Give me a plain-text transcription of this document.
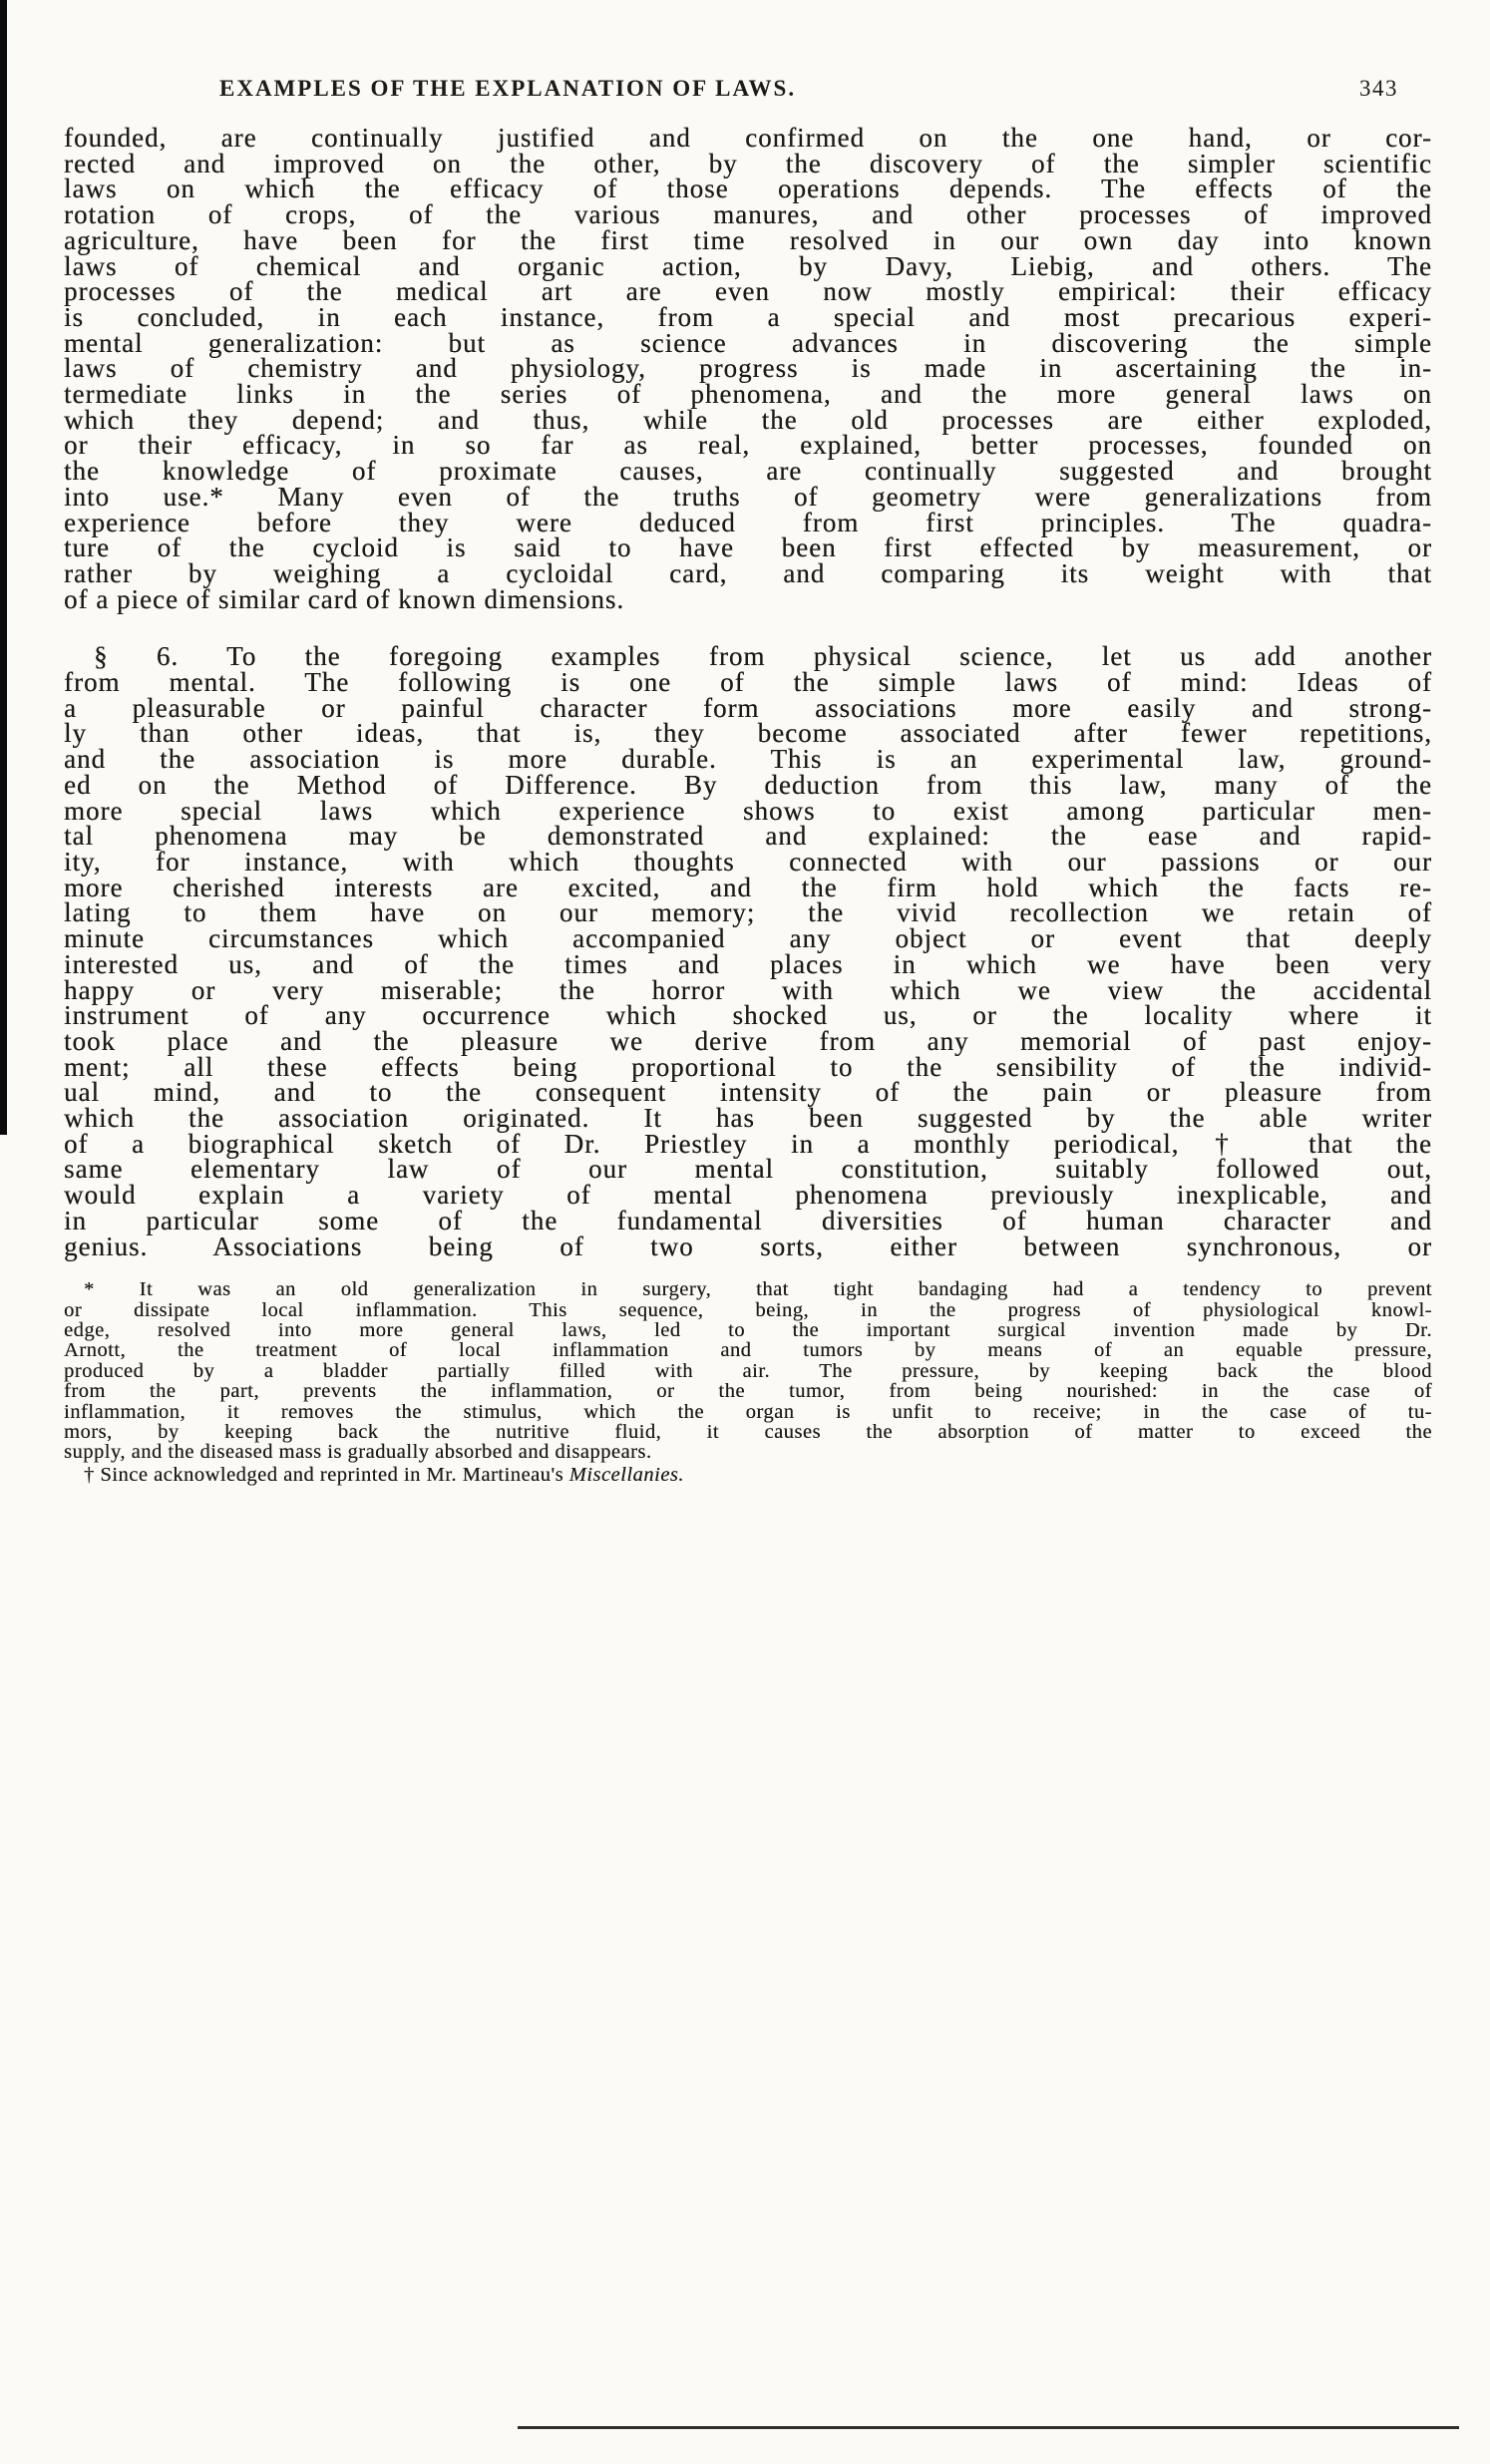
EXAMPLES OF THE EXPLANATION OF LAWS.	343
founded, are continually justified and confirmed on the one hand, or cor-
rected and improved on the other, by the discovery of the simpler scientific
laws on which the efficacy of those operations depends. The effects of the
rotation of crops, of the various manures, and other processes of improved
agriculture, have been for the first time resolved in our own day into known
laws of chemical and organic action, by Davy, Liebig, and others. The
processes of the medical art are even now mostly empirical: their efficacy
is concluded, in each instance, from a special and most precarious experi-
mental generalization: but as science advances in discovering the simple
laws of chemistry and physiology, progress is made in ascertaining the in-
termediate links in the series of phenomena, and the more general laws on
which they depend; and thus, while the old processes are either exploded,
or their efficacy, in so far as real, explained, better processes, founded on
the knowledge of proximate causes, are continually suggested and brought
into use.* Many even of the truths of geometry were generalizations from
experience before they were deduced from first principles. The quadra-
ture of the cycloid is said to have been first effected by measurement, or
rather by weighing a cycloidal card, and comparing its weight with that
of a piece of similar card of known dimensions.
§ 6. To the foregoing examples from physical science, let us add another
from mental. The following is one of the simple laws of mind: Ideas of
a pleasurable or painful character form associations more easily and strong-
ly than other ideas, that is, they become associated after fewer repetitions,
and the association is more durable. This is an experimental law, ground-
ed on the Method of Difference. By deduction from this law, many of the
more special laws which experience shows to exist among particular men-
tal phenomena may be demonstrated and explained: the ease and rapid-
ity, for instance, with which thoughts connected with our passions or our
more cherished interests are excited, and the firm hold which the facts re-
lating to them have on our memory; the vivid recollection we retain of
minute circumstances which accompanied any object or event that deeply
interested us, and of the times and places in which we have been very
happy or very miserable; the horror with which we view the accidental
instrument of any occurrence which shocked us, or the locality where it
took place and the pleasure we derive from any memorial of past enjoy-
ment; all these effects being proportional to the sensibility of the individ-
ual mind, and to the consequent intensity of the pain or pleasure from
which the association originated. It has been suggested by the able writer
of a biographical sketch of Dr. Priestley in a monthly periodical,† that the
same elementary law of our mental constitution, suitably followed out,
would explain a variety of mental phenomena previously inexplicable, and
in particular some of the fundamental diversities of human character and
genius. Associations being of two sorts, either between synchronous, or
* It was an old generalization in surgery, that tight bandaging had a tendency to prevent
or dissipate local inflammation. This sequence, being, in the progress of physiological knowl-
edge, resolved into more general laws, led to the important surgical invention made by Dr.
Arnott, the treatment of local inflammation and tumors by means of an equable pressure,
produced by a bladder partially filled with air. The pressure, by keeping back the blood
from the part, prevents the inflammation, or the tumor, from being nourished: in the case of
inflammation, it removes the stimulus, which the organ is unfit to receive; in the case of tu-
mors, by keeping back the nutritive fluid, it causes the absorption of matter to exceed the
supply, and the diseased mass is gradually absorbed and disappears.
† Since acknowledged and reprinted in Mr. Martineau's Miscellanies.
